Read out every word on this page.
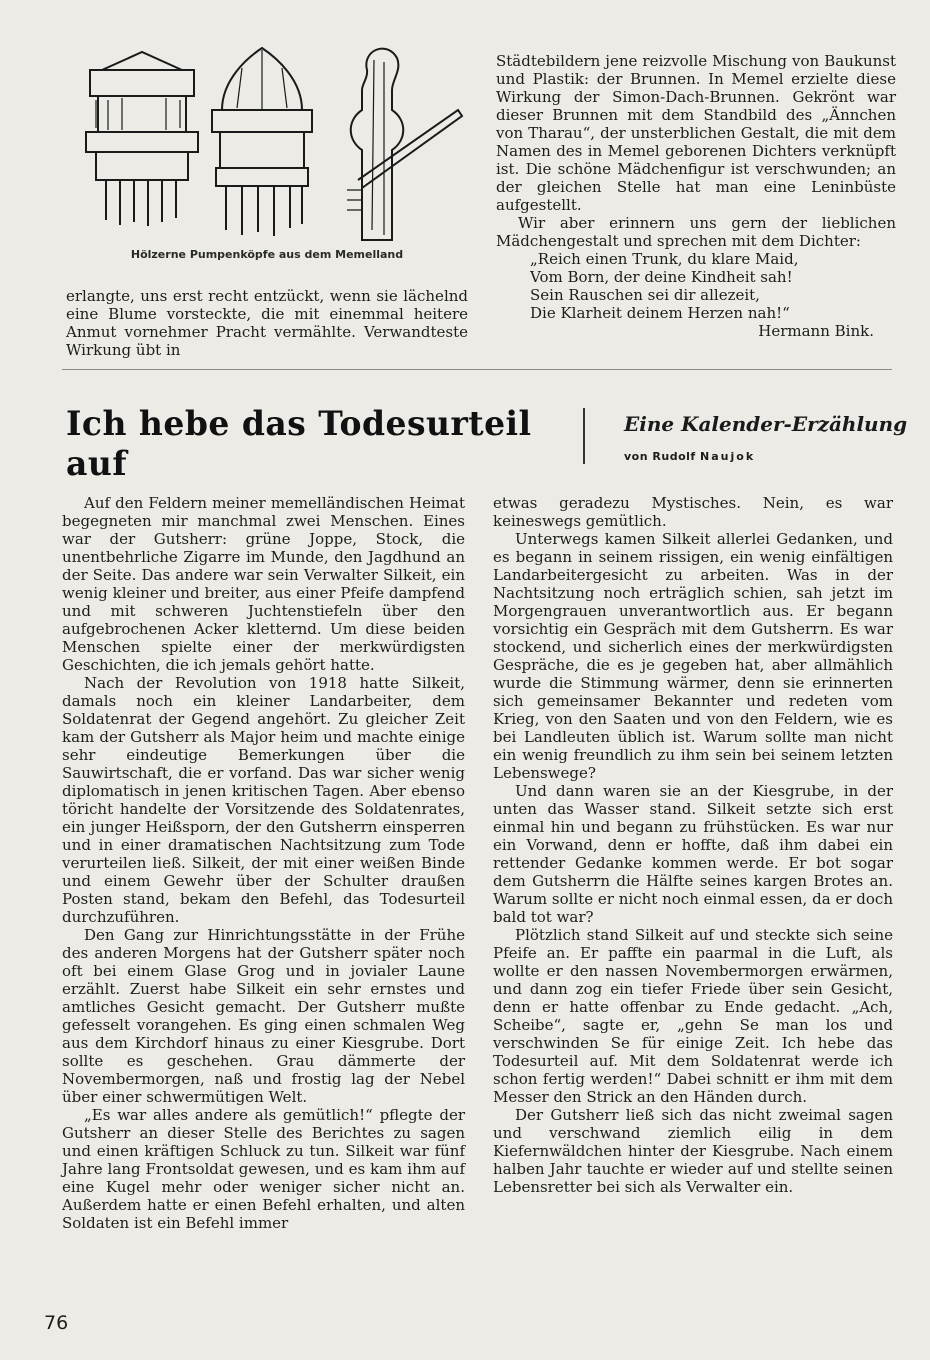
Hölzerne Pumpenköpfe aus dem Memelland

erlangte, uns erst recht entzückt, wenn sie lächelnd eine Blume vorsteckte, die mit einemmal heitere Anmut vornehmer Pracht vermählte. Verwandteste Wirkung übt in

Städtebildern jene reizvolle Mischung von Baukunst und Plastik: der Brunnen. In Memel erzielte diese Wirkung der Simon-Dach-Brunnen. Gekrönt war dieser Brunnen mit dem Standbild des „Ännchen von Tharau“, der unsterblichen Gestalt, die mit dem Namen des in Memel geborenen Dichters verknüpft ist. Die schöne Mädchenfigur ist verschwunden; an der gleichen Stelle hat man eine Leninbüste aufgestellt.

Wir aber erinnern uns gern der lieblichen Mädchengestalt und sprechen mit dem Dichter:

„Reich einen Trunk, du klare Maid,
Vom Born, der deine Kindheit sah!
Sein Rauschen sei dir allezeit,
Die Klarheit deinem Herzen nah!“
Hermann Bink.
Ich hebe das Todesurteil auf
Eine Kalender-Erzählung
von Rudolf Naujok

Auf den Feldern meiner memelländischen Heimat begegneten mir manchmal zwei Menschen. Eines war der Gutsherr: grüne Joppe, Stock, die unentbehrliche Zigarre im Munde, den Jagdhund an der Seite. Das andere war sein Verwalter Silkeit, ein wenig kleiner und breiter, aus einer Pfeife dampfend und mit schweren Juchtenstiefeln über den aufgebrochenen Acker kletternd. Um diese beiden Menschen spielte einer der merkwürdigsten Geschichten, die ich jemals gehört hatte.

Nach der Revolution von 1918 hatte Silkeit, damals noch ein kleiner Landarbeiter, dem Soldatenrat der Gegend angehört. Zu gleicher Zeit kam der Gutsherr als Major heim und machte einige sehr eindeutige Bemerkungen über die Sauwirtschaft, die er vorfand. Das war sicher wenig diplomatisch in jenen kritischen Tagen. Aber ebenso töricht handelte der Vorsitzende des Soldatenrates, ein junger Heißsporn, der den Gutsherrn einsperren und in einer dramatischen Nachtsitzung zum Tode verurteilen ließ. Silkeit, der mit einer weißen Binde und einem Gewehr über der Schulter draußen Posten stand, bekam den Befehl, das Todesurteil durchzuführen.

Den Gang zur Hinrichtungsstätte in der Frühe des anderen Morgens hat der Gutsherr später noch oft bei einem Glase Grog und in jovialer Laune erzählt. Zuerst habe Silkeit ein sehr ernstes und amtliches Gesicht gemacht. Der Gutsherr mußte gefesselt vorangehen. Es ging einen schmalen Weg aus dem Kirchdorf hinaus zu einer Kiesgrube. Dort sollte es geschehen. Grau dämmerte der Novembermorgen, naß und frostig lag der Nebel über einer schwermütigen Welt.

„Es war alles andere als gemütlich!“ pflegte der Gutsherr an dieser Stelle des Berichtes zu sagen und einen kräftigen Schluck zu tun. Silkeit war fünf Jahre lang Frontsoldat gewesen, und es kam ihm auf eine Kugel mehr oder weniger sicher nicht an. Außerdem hatte er einen Befehl erhalten, und alten Soldaten ist ein Befehl immer

etwas geradezu Mystisches. Nein, es war keineswegs gemütlich.

Unterwegs kamen Silkeit allerlei Gedanken, und es begann in seinem rissigen, ein wenig einfältigen Landarbeitergesicht zu arbeiten. Was in der Nachtsitzung noch erträglich schien, sah jetzt im Morgengrauen unverantwortlich aus. Er begann vorsichtig ein Gespräch mit dem Gutsherrn. Es war stockend, und sicherlich eines der merkwürdigsten Gespräche, die es je gegeben hat, aber allmählich wurde die Stimmung wärmer, denn sie erinnerten sich gemeinsamer Bekannter und redeten vom Krieg, von den Saaten und von den Feldern, wie es bei Landleuten üblich ist. Warum sollte man nicht ein wenig freundlich zu ihm sein bei seinem letzten Lebenswege?

Und dann waren sie an der Kiesgrube, in der unten das Wasser stand. Silkeit setzte sich erst einmal hin und begann zu frühstücken. Es war nur ein Vorwand, denn er hoffte, daß ihm dabei ein rettender Gedanke kommen werde. Er bot sogar dem Gutsherrn die Hälfte seines kargen Brotes an. Warum sollte er nicht noch einmal essen, da er doch bald tot war?

Plötzlich stand Silkeit auf und steckte sich seine Pfeife an. Er paffte ein paarmal in die Luft, als wollte er den nassen Novembermorgen erwärmen, und dann zog ein tiefer Friede über sein Gesicht, denn er hatte offenbar zu Ende gedacht. „Ach, Scheibe“, sagte er, „gehn Se man los und verschwinden Se für einige Zeit. Ich hebe das Todesurteil auf. Mit dem Soldatenrat werde ich schon fertig werden!“ Dabei schnitt er ihm mit dem Messer den Strick an den Händen durch.

Der Gutsherr ließ sich das nicht zweimal sagen und verschwand ziemlich eilig in dem Kiefernwäldchen hinter der Kiesgrube. Nach einem halben Jahr tauchte er wieder auf und stellte seinen Lebensretter bei sich als Verwalter ein.

76
